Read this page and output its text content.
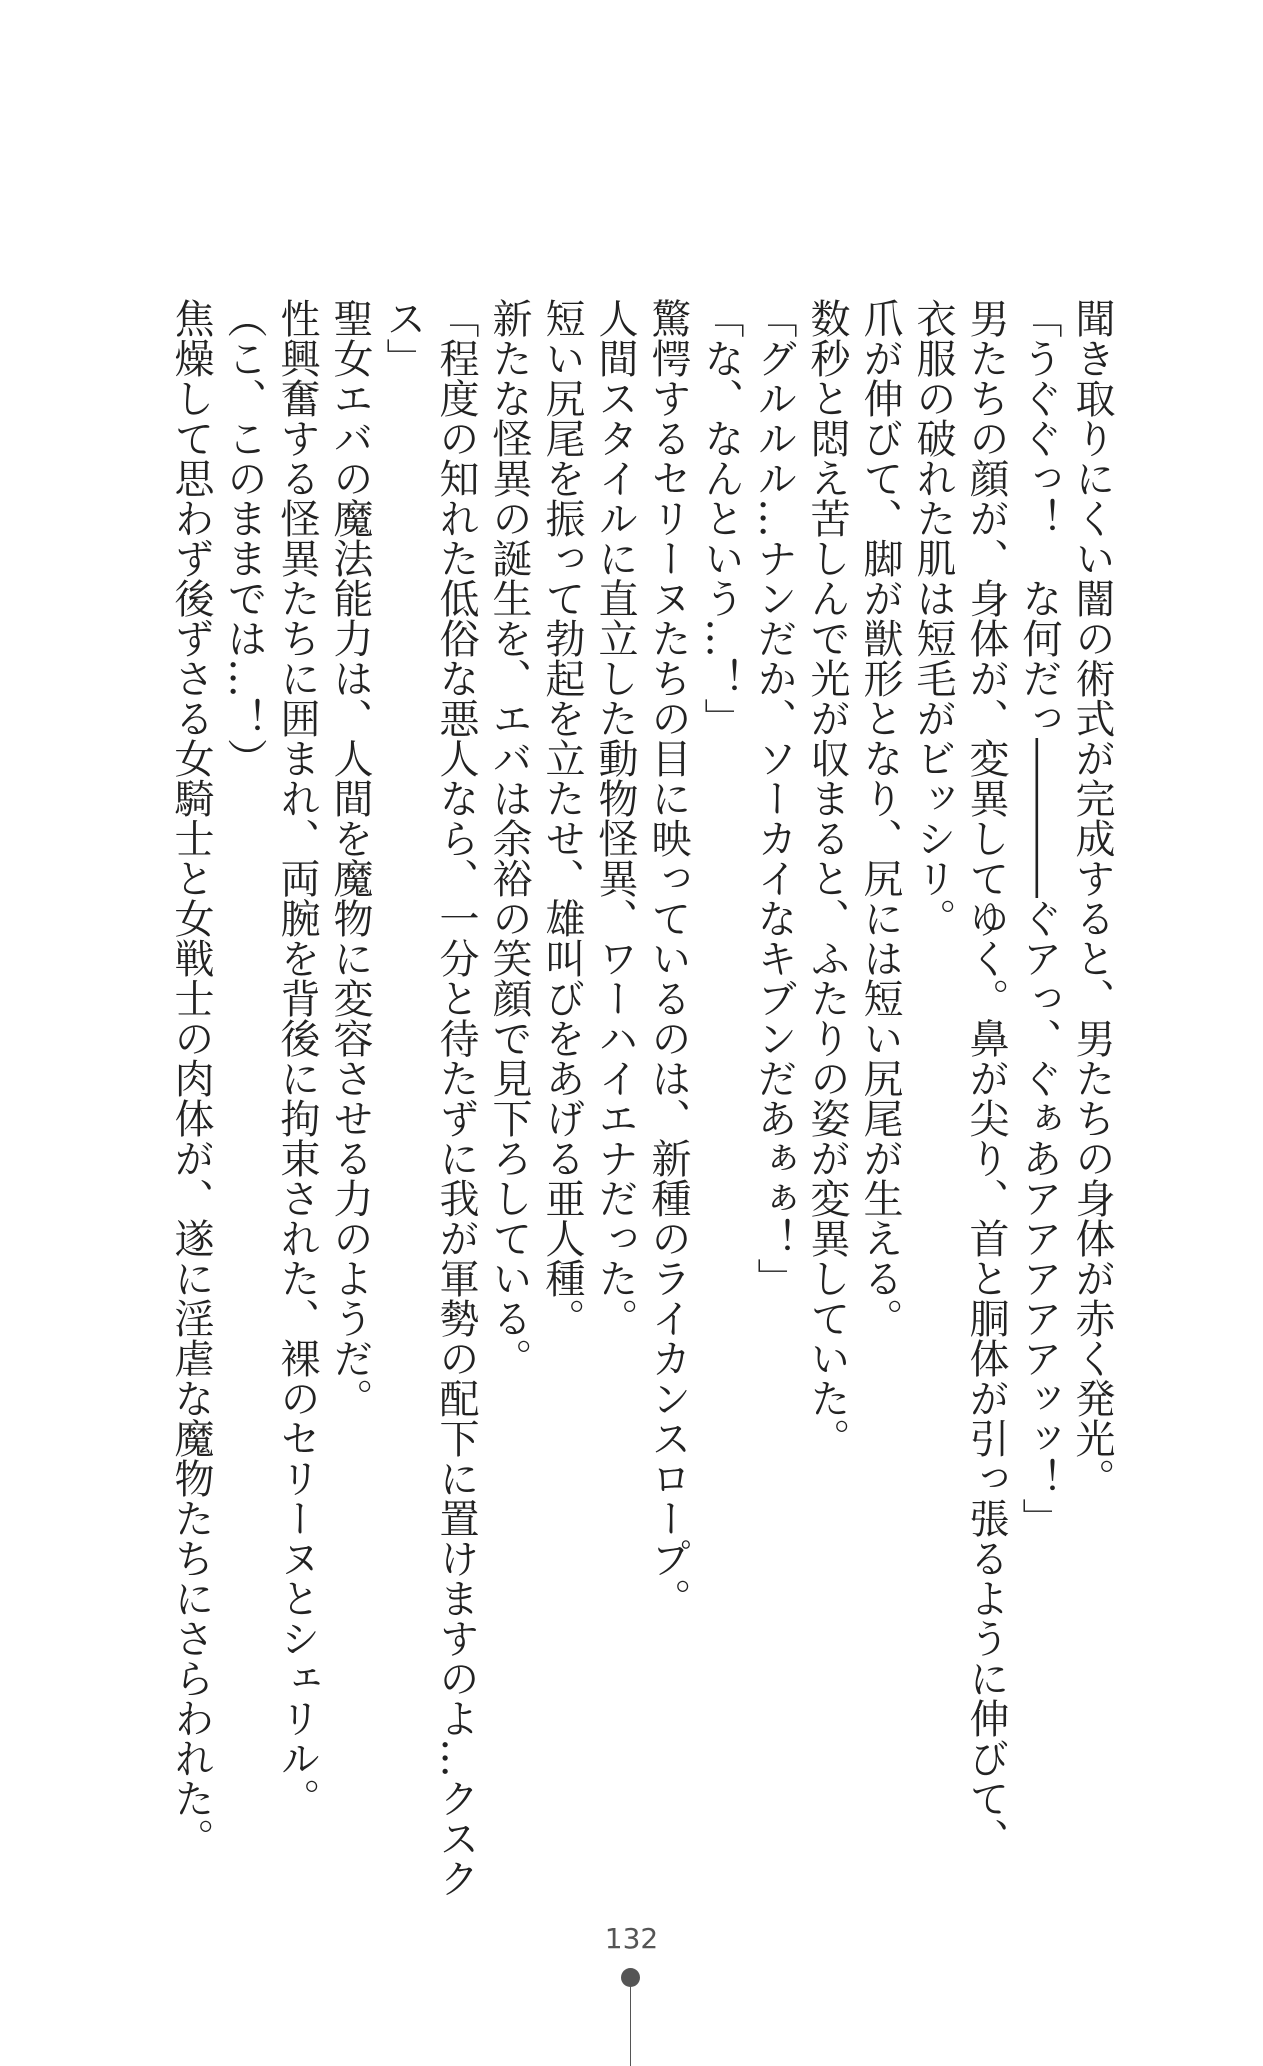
聞き取りにくい闇の術式が完成すると、男たちの身体が赤く発光。
「うぐぐっ！　な何だっ――――ぐアっ、ぐぁあアアアアアッッ！」
男たちの顔が、身体が、変異してゆく。鼻が尖り、首と胴体が引っ張るように伸びて、
衣服の破れた肌は短毛がビッシリ。
爪が伸びて、脚が獣形となり、尻には短い尻尾が生える。
数秒と悶え苦しんで光が収まると、ふたりの姿が変異していた。
「グルルル…ナンだか、ソーカイなキブンだあぁぁ！」
「な、なんという…！」
驚愕するセリーヌたちの目に映っているのは、新種のライカンスロープ。
人間スタイルに直立した動物怪異、ワーハイエナだった。
短い尻尾を振って勃起を立たせ、雄叫びをあげる亜人種。
新たな怪異の誕生を、エバは余裕の笑顔で見下ろしている。
「程度の知れた低俗な悪人なら、一分と待たずに我が軍勢の配下に置けますのよ…クスク
ス」
聖女エバの魔法能力は、人間を魔物に変容させる力のようだ。
性興奮する怪異たちに囲まれ、両腕を背後に拘束された、裸のセリーヌとシェリル。
（こ、このままでは…！）
焦燥して思わず後ずさる女騎士と女戦士の肉体が、遂に淫虐な魔物たちにさらわれた。
132
